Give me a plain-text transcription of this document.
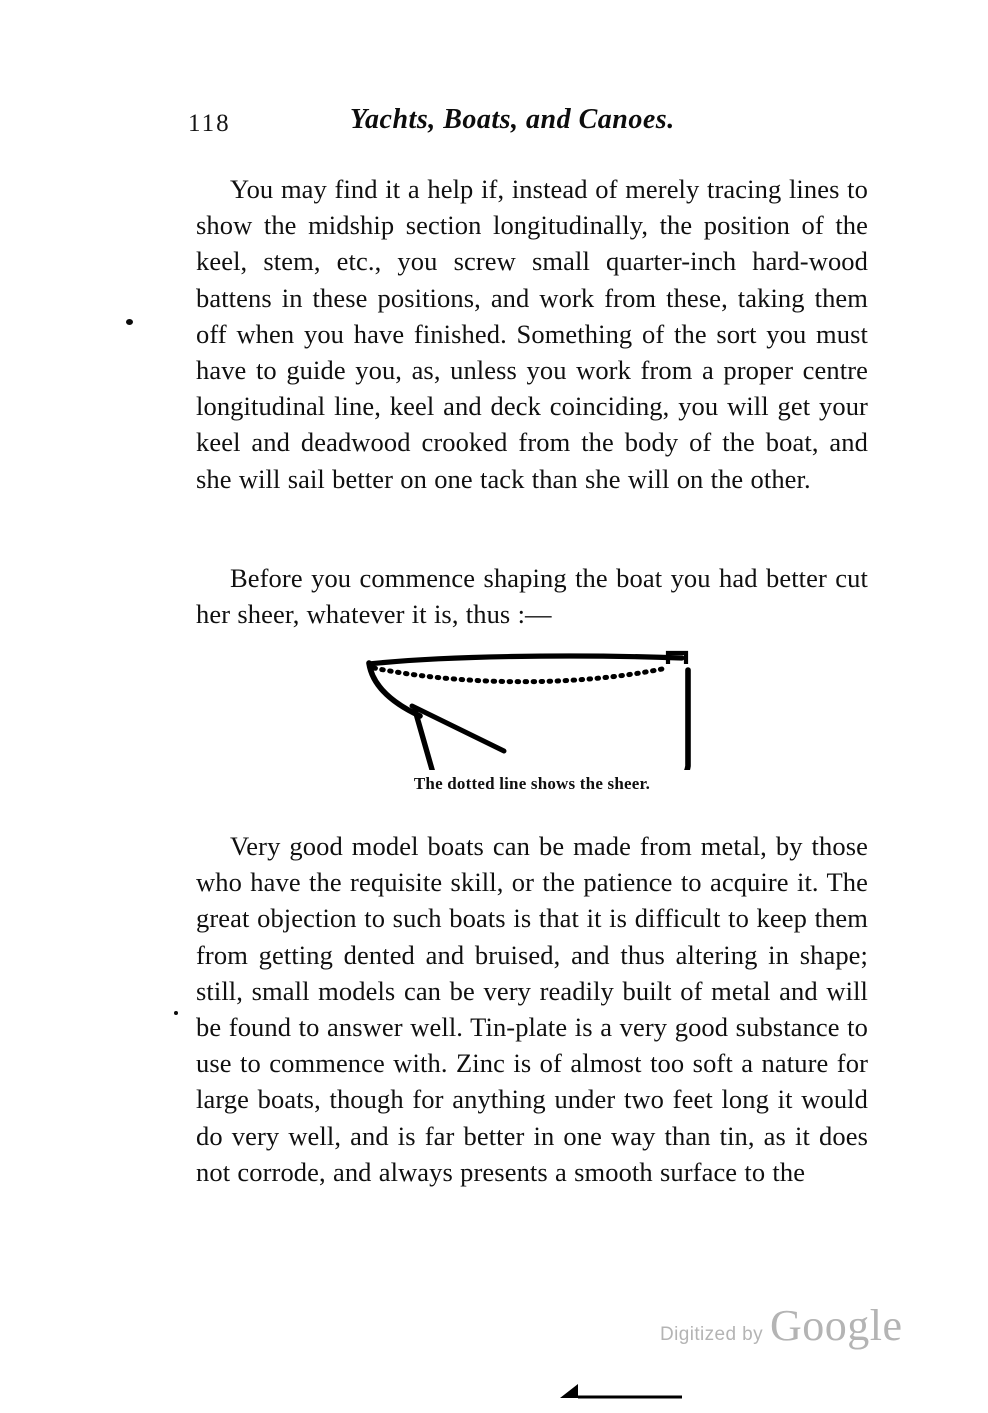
118	Yachts, Boats, and Canoes.

You may find it a help if, instead of merely tracing lines to show the midship section longitudinally, the position of the keel, stem, etc., you screw small quarter-inch hard-wood battens in these positions, and work from these, taking them off when you have finished. Something of the sort you must have to guide you, as, unless you work from a proper centre longitudinal line, keel and deck coinciding, you will get your keel and deadwood crooked from the body of the boat, and she will sail better on one tack than she will on the other.

Before you commence shaping the boat you had better cut her sheer, whatever it is, thus :—

Very good model boats can be made from metal, by those who have the requisite skill, or the patience to acquire it. The great objection to such boats is that it is difficult to keep them from getting dented and bruised, and thus altering in shape; still, small models can be very readily built of metal and will be found to answer well. Tin-plate is a very good substance to use to commence with. Zinc is of almost too soft a nature for large boats, though for anything under two feet long it would do very well, and is far better in one way than tin, as it does not corrode, and always presents a smooth surface to the

The dotted line shows the sheer.
Digitized by Google
